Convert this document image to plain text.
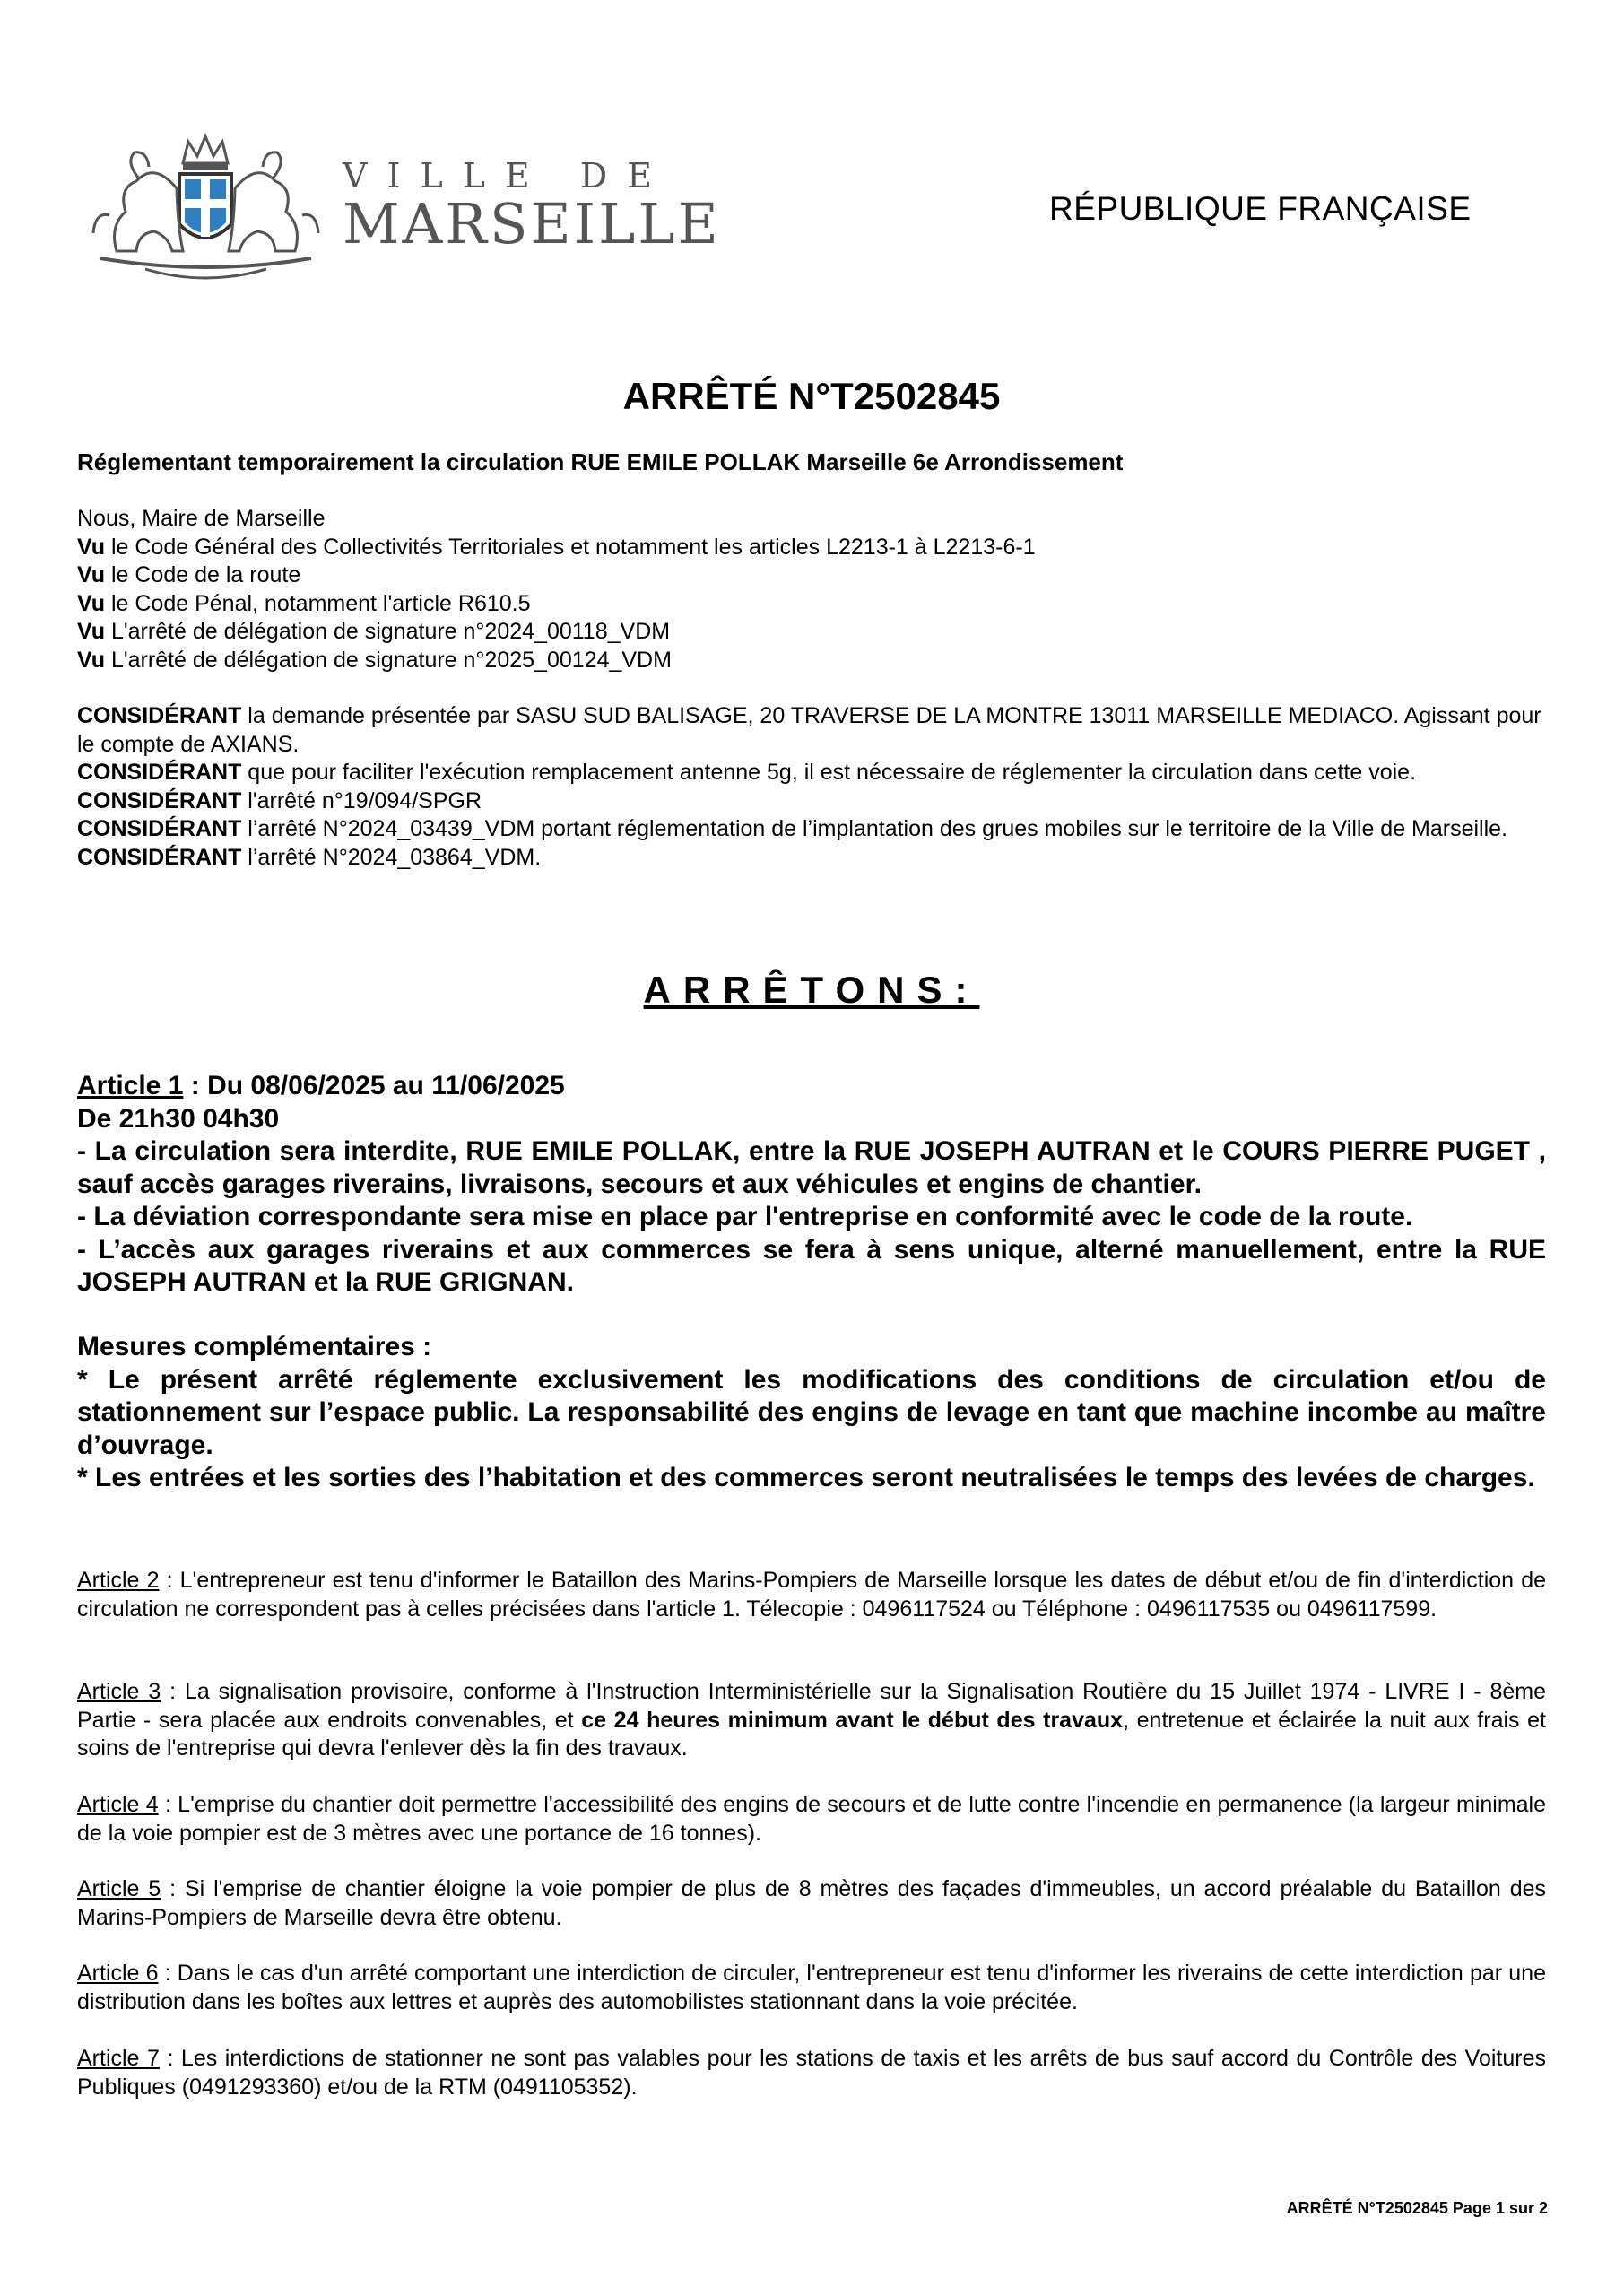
VILLE DE
MARSEILLE	RÉPUBLIQUE FRANÇAISE
ARRÊTÉ N°T2502845
Réglementant temporairement la circulation RUE EMILE POLLAK Marseille 6e Arrondissement

Nous, Maire de Marseille

Vu le Code Général des Collectivités Territoriales et notamment les articles L2213-1 à L2213-6-1

Vu le Code de la route

Vu le Code Pénal, notamment l'article R610.5

Vu L'arrêté de délégation de signature n°2024_00118_VDM

Vu L'arrêté de délégation de signature n°2025_00124_VDM

CONSIDÉRANT la demande présentée par SASU SUD BALISAGE, 20 TRAVERSE DE LA MONTRE 13011 MARSEILLE MEDIACO. Agissant pour le compte de AXIANS.

CONSIDÉRANT que pour faciliter l'exécution remplacement antenne 5g, il est nécessaire de réglementer la circulation dans cette voie.

CONSIDÉRANT l'arrêté n°19/094/SPGR

CONSIDÉRANT l’arrêté N°2024_03439_VDM portant réglementation de l’implantation des grues mobiles sur le territoire de la Ville de Marseille.

CONSIDÉRANT l’arrêté N°2024_03864_VDM.

ARRÊTONS:

Article 1 : Du 08/06/2025 au 11/06/2025

De 21h30 04h30

- La circulation sera interdite, RUE EMILE POLLAK, entre la RUE JOSEPH AUTRAN et le COURS PIERRE PUGET , sauf accès garages riverains, livraisons, secours et aux véhicules et engins de chantier.

- La déviation correspondante sera mise en place par l'entreprise en conformité avec le code de la route.

- L’accès aux garages riverains et aux commerces se fera à sens unique, alterné manuellement, entre la RUE JOSEPH AUTRAN et la RUE GRIGNAN.

Mesures complémentaires :

* Le présent arrêté réglemente exclusivement les modifications des conditions de circulation et/ou de stationnement sur l’espace public. La responsabilité des engins de levage en tant que machine incombe au maître d’ouvrage.

* Les entrées et les sorties des l’habitation et des commerces seront neutralisées le temps des levées de charges.

Article 2 : L'entrepreneur est tenu d'informer le Bataillon des Marins-Pompiers de Marseille lorsque les dates de début et/ou de fin d'interdiction de circulation ne correspondent pas à celles précisées dans l'article 1. Télecopie : 0496117524 ou Téléphone : 0496117535 ou 0496117599.
Article 3 : La signalisation provisoire, conforme à l'Instruction Interministérielle sur la Signalisation Routière du 15 Juillet 1974 - LIVRE I - 8ème Partie - sera placée aux endroits convenables, et ce 24 heures minimum avant le début des travaux, entretenue et éclairée la nuit aux frais et soins de l'entreprise qui devra l'enlever dès la fin des travaux.
Article 4 : L'emprise du chantier doit permettre l'accessibilité des engins de secours et de lutte contre l'incendie en permanence (la largeur minimale de la voie pompier est de 3 mètres avec une portance de 16 tonnes).
Article 5 : Si l'emprise de chantier éloigne la voie pompier de plus de 8 mètres des façades d'immeubles, un accord préalable du Bataillon des Marins-Pompiers de Marseille devra être obtenu.
Article 6 : Dans le cas d'un arrêté comportant une interdiction de circuler, l'entrepreneur est tenu d'informer les riverains de cette interdiction par une distribution dans les boîtes aux lettres et auprès des automobilistes stationnant dans la voie précitée.
Article 7 : Les interdictions de stationner ne sont pas valables pour les stations de taxis et les arrêts de bus sauf accord du Contrôle des Voitures Publiques (0491293360) et/ou de la RTM (0491105352).
ARRÊTÉ N°T2502845 Page 1 sur 2
